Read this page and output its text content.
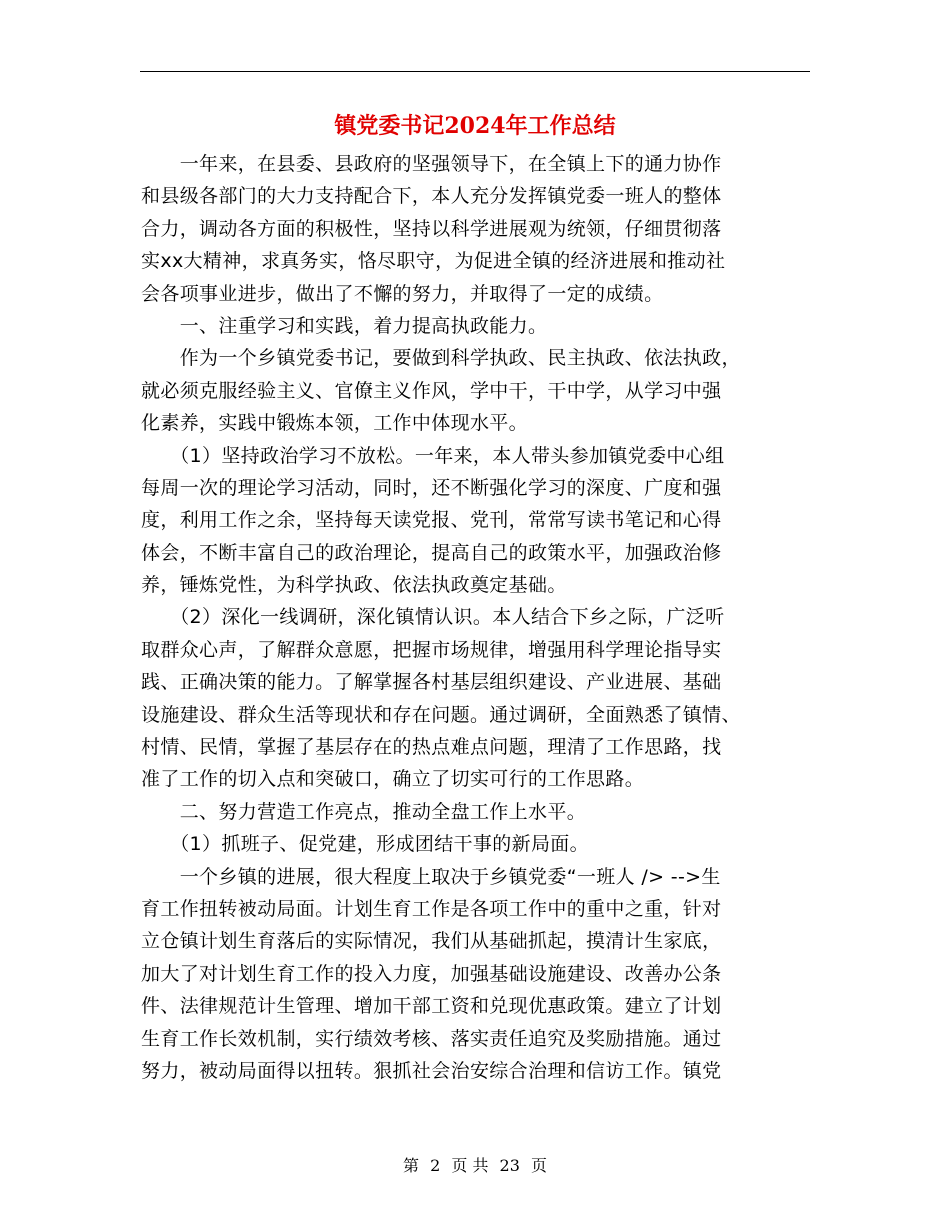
镇党委书记2024年工作总结
　　一年来，在县委、县政府的坚强领导下，在全镇上下的通力协作
和县级各部门的大力支持配合下，本人充分发挥镇党委一班人的整体
合力，调动各方面的积极性，坚持以科学进展观为统领，仔细贯彻落
实xx大精神，求真务实，恪尽职守，为促进全镇的经济进展和推动社
会各项事业进步，做出了不懈的努力，并取得了一定的成绩。
　　一、注重学习和实践，着力提高执政能力。
　　作为一个乡镇党委书记，要做到科学执政、民主执政、依法执政，
就必须克服经验主义、官僚主义作风，学中干，干中学，从学习中强
化素养，实践中锻炼本领，工作中体现水平。
　　（1）坚持政治学习不放松。一年来，本人带头参加镇党委中心组
每周一次的理论学习活动，同时，还不断强化学习的深度、广度和强
度，利用工作之余，坚持每天读党报、党刊，常常写读书笔记和心得
体会，不断丰富自己的政治理论，提高自己的政策水平，加强政治修
养，锤炼党性，为科学执政、依法执政奠定基础。
　　（2）深化一线调研，深化镇情认识。本人结合下乡之际，广泛听
取群众心声，了解群众意愿，把握市场规律，增强用科学理论指导实
践、正确决策的能力。了解掌握各村基层组织建设、产业进展、基础
设施建设、群众生活等现状和存在问题。通过调研，全面熟悉了镇情、
村情、民情，掌握了基层存在的热点难点问题，理清了工作思路，找
准了工作的切入点和突破口，确立了切实可行的工作思路。
　　二、努力营造工作亮点，推动全盘工作上水平。
　　（1）抓班子、促党建，形成团结干事的新局面。
　　一个乡镇的进展，很大程度上取决于乡镇党委“一班人 /> -->生
育工作扭转被动局面。计划生育工作是各项工作中的重中之重，针对
立仓镇计划生育落后的实际情况，我们从基础抓起，摸清计生家底，
加大了对计划生育工作的投入力度，加强基础设施建设、改善办公条
件、法律规范计生管理、增加干部工资和兑现优惠政策。建立了计划
生育工作长效机制，实行绩效考核、落实责任追究及奖励措施。通过
努力，被动局面得以扭转。狠抓社会治安综合治理和信访工作。镇党
第 2 页 共 23 页
